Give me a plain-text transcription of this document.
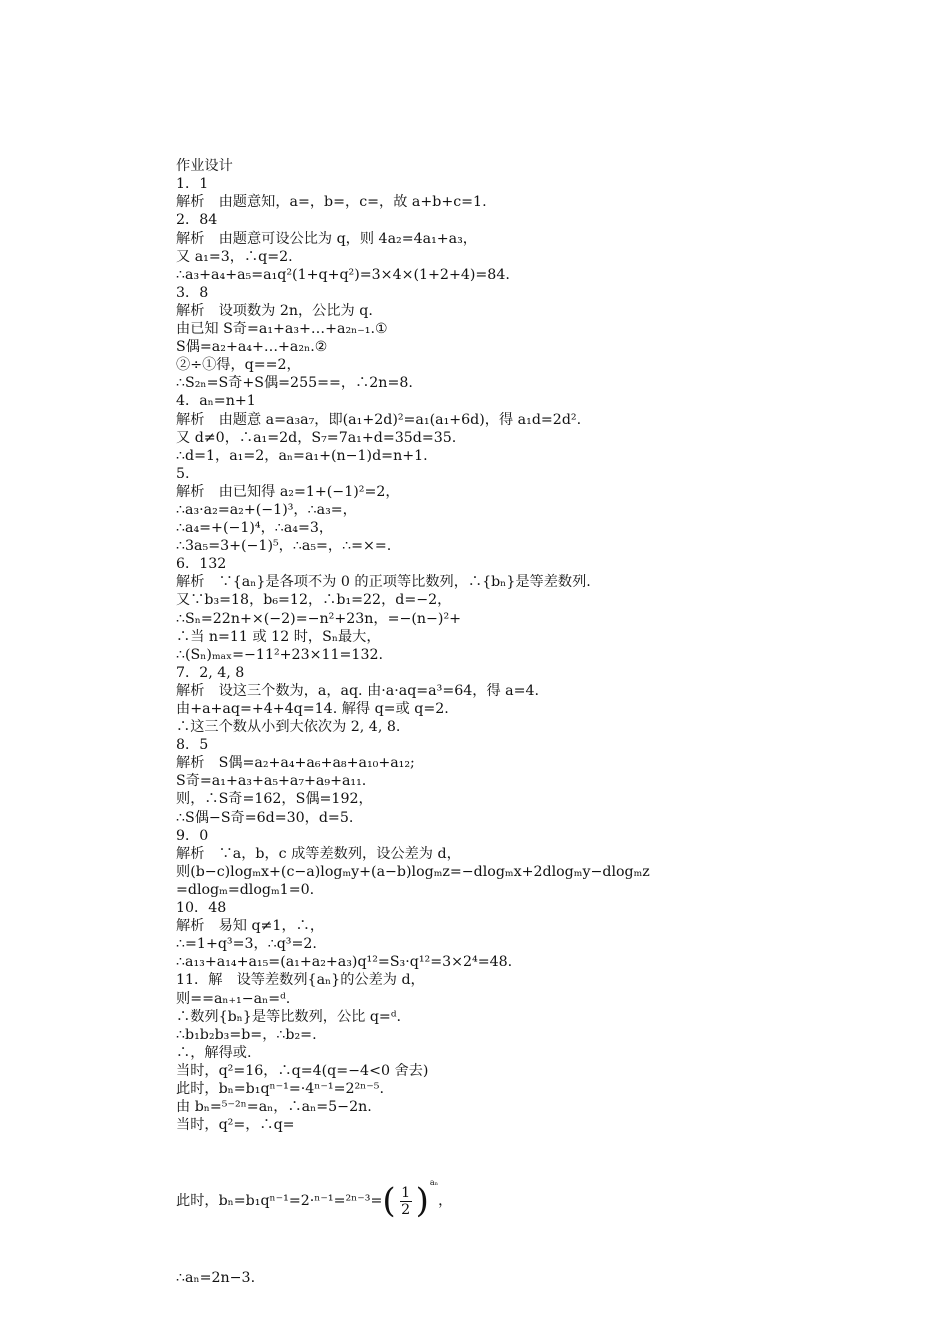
作业设计
1．1
解析　由题意知，a=，b=，c=，故 a+b+c=1.
2．84
解析　由题意可设公比为 q，则 4a₂=4a₁+a₃，
又 a₁=3，∴q=2.
∴a₃+a₄+a₅=a₁q²(1+q+q²)=3×4×(1+2+4)=84.
3．8
解析　设项数为 2n，公比为 q.
由已知 S奇=a₁+a₃+…+a₂ₙ₋₁.①
S偶=a₂+a₄+…+a₂ₙ.②
②÷①得，q==2，
∴S₂ₙ=S奇+S偶=255==，∴2n=8.
4．aₙ=n+1
解析　由题意 a=a₃a₇，即(a₁+2d)²=a₁(a₁+6d)，得 a₁d=2d².
又 d≠0，∴a₁=2d，S₇=7a₁+d=35d=35.
∴d=1，a₁=2，aₙ=a₁+(n−1)d=n+1.
5.
解析　由已知得 a₂=1+(−1)²=2，
∴a₃·a₂=a₂+(−1)³，∴a₃=，
∴a₄=+(−1)⁴，∴a₄=3，
∴3a₅=3+(−1)⁵，∴a₅=，∴=×=.
6．132
解析　∵{aₙ}是各项不为 0 的正项等比数列，∴{bₙ}是等差数列.
又∵b₃=18，b₆=12，∴b₁=22，d=−2，
∴Sₙ=22n+×(−2)=−n²+23n，=−(n−)²+
∴当 n=11 或 12 时，Sₙ最大，
∴(Sₙ)ₘₐₓ=−11²+23×11=132.
7．2, 4, 8
解析　设这三个数为，a，aq. 由·a·aq=a³=64，得 a=4.
由+a+aq=+4+4q=14. 解得 q=或 q=2.
∴这三个数从小到大依次为 2, 4, 8.
8．5
解析　S偶=a₂+a₄+a₆+a₈+a₁₀+a₁₂;
S奇=a₁+a₃+a₅+a₇+a₉+a₁₁.
则，∴S奇=162，S偶=192，
∴S偶−S奇=6d=30，d=5.
9．0
解析　∵a，b，c 成等差数列，设公差为 d，
则(b−c)logₘx+(c−a)logₘy+(a−b)logₘz=−dlogₘx+2dlogₘy−dlogₘz
=dlogₘ=dlogₘ1=0.
10．48
解析　易知 q≠1，∴，
∴=1+q³=3，∴q³=2.
∴a₁₃+a₁₄+a₁₅=(a₁+a₂+a₃)q¹²=S₃·q¹²=3×2⁴=48.
11．解　设等差数列{aₙ}的公差为 d，
则==aₙ₊₁−aₙ=ᵈ.
∴数列{bₙ}是等比数列，公比 q=ᵈ.
∴b₁b₂b₃=b=，∴b₂=.
∴，解得或.
当时，q²=16，∴q=4(q=−4<0 舍去)
此时，bₙ=b₁qⁿ⁻¹=·4ⁿ⁻¹=2²ⁿ⁻⁵.
由 bₙ=⁵⁻²ⁿ=aₙ，∴aₙ=5−2n.
当时，q²=，∴q=

此时，bₙ=b₁qⁿ⁻¹=2·ⁿ⁻¹=²ⁿ⁻³= ( $\frac{1}{2}$ ) aₙ
，

∴aₙ=2n−3.
